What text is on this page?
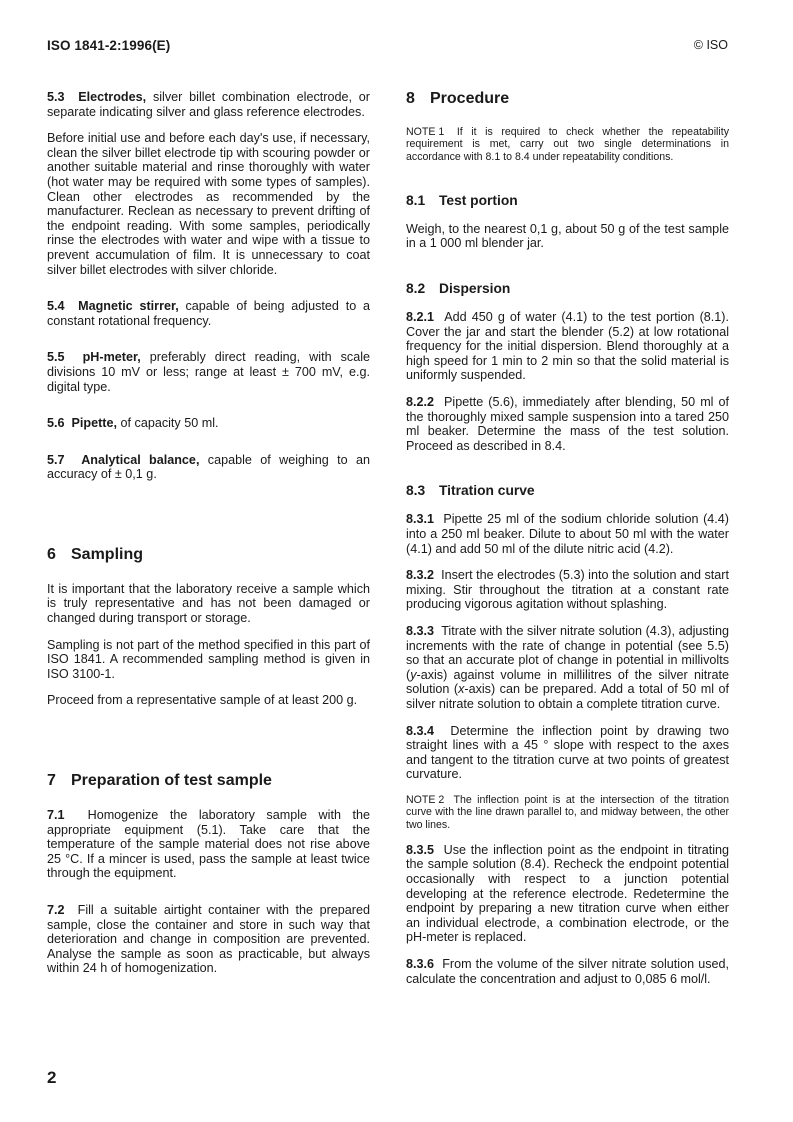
ISO 1841-2:1996(E)	© ISO

5.3 Electrodes, silver billet combination electrode, or separate indicating silver and glass reference electrodes.

Before initial use and before each day's use, if necessary, clean the silver billet electrode tip with scouring powder or another suitable material and rinse thoroughly with water (hot water may be required with some types of samples). Clean other electrodes as recommended by the manufacturer. Reclean as necessary to prevent drifting of the endpoint reading. With some samples, periodically rinse the electrodes with water and wipe with a tissue to prevent accumulation of film. It is unnecessary to coat silver billet electrodes with silver chloride.

5.4 Magnetic stirrer, capable of being adjusted to a constant rotational frequency.

5.5 pH-meter, preferably direct reading, with scale divisions 10 mV or less; range at least ± 700 mV, e.g. digital type.

5.6 Pipette, of capacity 50 ml.

5.7 Analytical balance, capable of weighing to an accuracy of ± 0,1 g.

6 Sampling

It is important that the laboratory receive a sample which is truly representative and has not been damaged or changed during transport or storage.

Sampling is not part of the method specified in this part of ISO 1841. A recommended sampling method is given in ISO 3100-1.

Proceed from a representative sample of at least 200 g.

7 Preparation of test sample

7.1 Homogenize the laboratory sample with the appropriate equipment (5.1). Take care that the temperature of the sample material does not rise above 25 °C. If a mincer is used, pass the sample at least twice through the equipment.

7.2 Fill a suitable airtight container with the prepared sample, close the container and store in such way that deterioration and change in composition are prevented. Analyse the sample as soon as practicable, but always within 24 h of homogenization.

8 Procedure

NOTE 1 If it is required to check whether the repeatability requirement is met, carry out two single determinations in accordance with 8.1 to 8.4 under repeatability conditions.

8.1 Test portion

Weigh, to the nearest 0,1 g, about 50 g of the test sample in a 1 000 ml blender jar.

8.2 Dispersion

8.2.1 Add 450 g of water (4.1) to the test portion (8.1). Cover the jar and start the blender (5.2) at low rotational frequency for the initial dispersion. Blend thoroughly at a high speed for 1 min to 2 min so that the solid material is uniformly suspended.

8.2.2 Pipette (5.6), immediately after blending, 50 ml of the thoroughly mixed sample suspension into a tared 250 ml beaker. Determine the mass of the test solution. Proceed as described in 8.4.

8.3 Titration curve

8.3.1 Pipette 25 ml of the sodium chloride solution (4.4) into a 250 ml beaker. Dilute to about 50 ml with the water (4.1) and add 50 ml of the dilute nitric acid (4.2).

8.3.2 Insert the electrodes (5.3) into the solution and start mixing. Stir throughout the titration at a constant rate producing vigorous agitation without splashing.

8.3.3 Titrate with the silver nitrate solution (4.3), adjusting increments with the rate of change in potential (see 5.5) so that an accurate plot of change in potential in millivolts (y-axis) against volume in millilitres of the silver nitrate solution (x-axis) can be prepared. Add a total of 50 ml of silver nitrate solution to obtain a complete titration curve.

8.3.4 Determine the inflection point by drawing two straight lines with a 45 ° slope with respect to the axes and tangent to the titration curve at two points of greatest curvature.

NOTE 2 The inflection point is at the intersection of the titration curve with the line drawn parallel to, and midway between, the other two lines.

8.3.5 Use the inflection point as the endpoint in titrating the sample solution (8.4). Recheck the endpoint potential occasionally with respect to a junction potential developing at the reference electrode. Redetermine the endpoint by preparing a new titration curve when either an individual electrode, a combination electrode, or the pH-meter is replaced.

8.3.6 From the volume of the silver nitrate solution used, calculate the concentration and adjust to 0,085 6 mol/l.

2
